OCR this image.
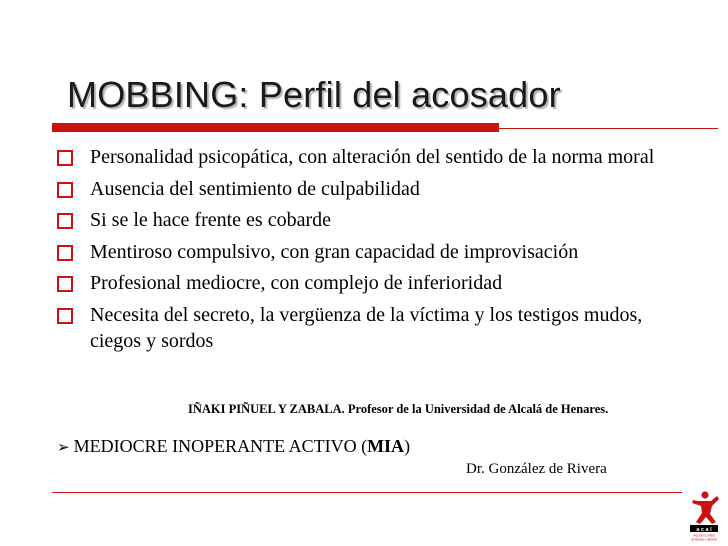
MOBBING: Perfil del acosador
Personalidad psicopática, con alteración del sentido de la norma moral
Ausencia del sentimiento de culpabilidad
Si se le hace frente es cobarde
Mentiroso compulsivo, con gran capacidad de improvisación
Profesional mediocre, con complejo de inferioridad
Necesita del secreto, la vergüenza de la víctima y los testigos mudos, ciegos y sordos
IÑAKI PIÑUEL Y ZABALA. Profesor de la Universidad de Alcalá de Henares.
➢ MEDIOCRE INOPERANTE ACTIVO (MIA)
Dr. González de Rivera
a c a l
Acción Contra
el Acoso Laboral
